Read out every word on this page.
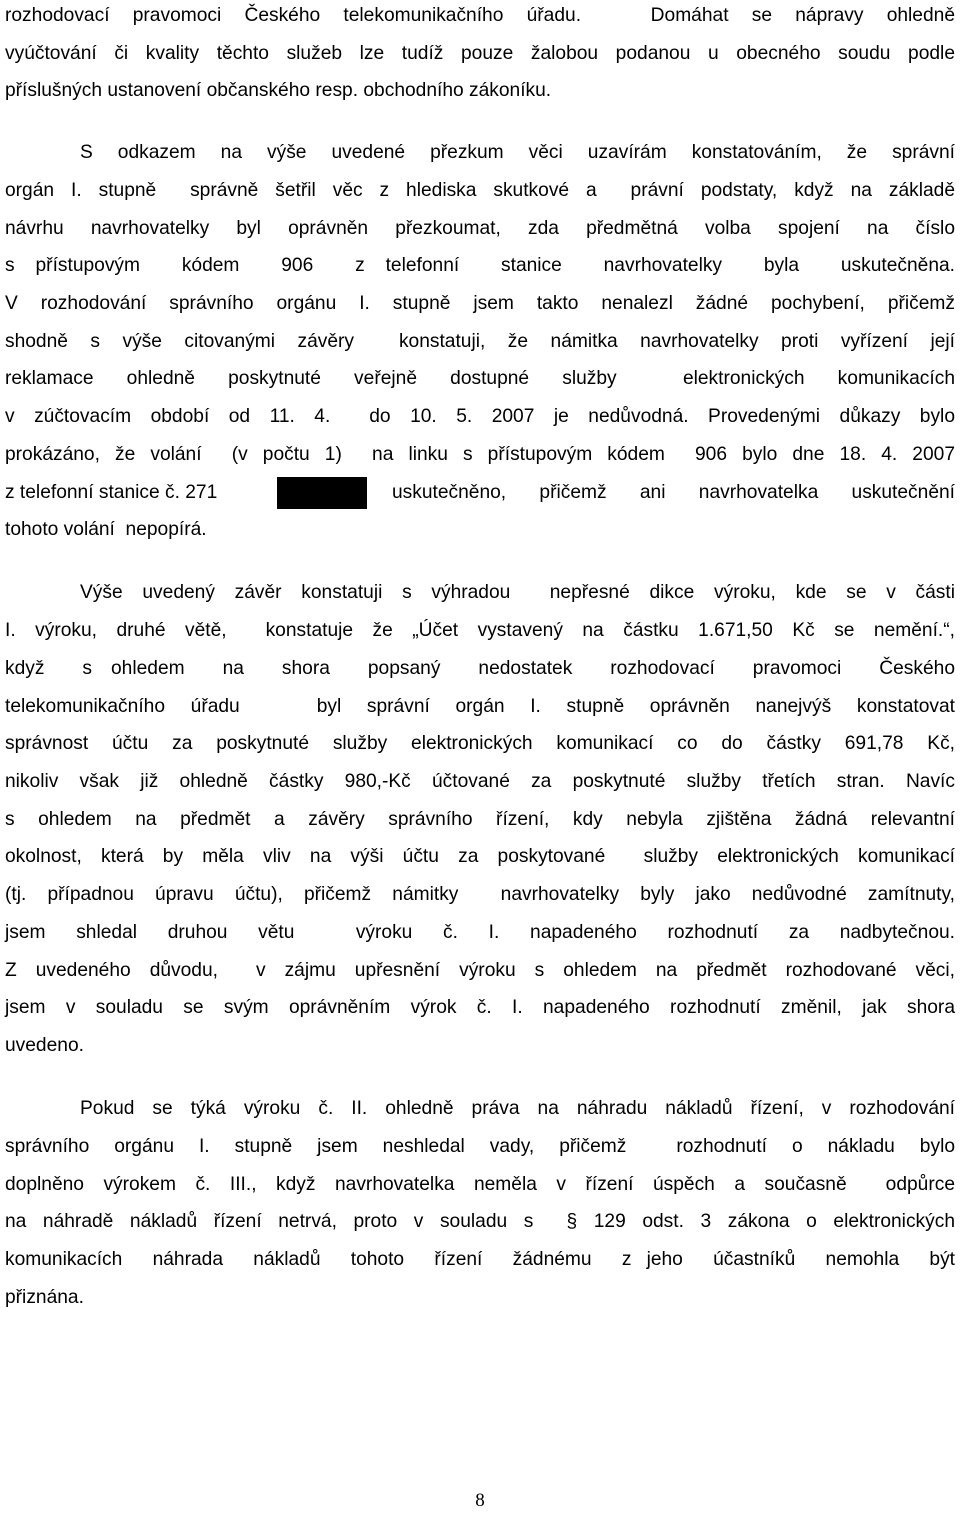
rozhodovací pravomoci Českého telekomunikačního úřadu.   Domáhat se nápravy ohledně

vyúčtování či kvality těchto služeb lze tudíž pouze žalobou podanou u obecného soudu podle

příslušných ustanovení občanského resp. obchodního zákoníku.

S odkazem na výše uvedené přezkum věci uzavírám konstatováním, že správní

orgán I. stupně  správně šetřil věc z hlediska skutkové a  právní podstaty, když na základě

návrhu navrhovatelky byl oprávněn přezkoumat, zda předmětná volba spojení na číslo

s přístupovým  kódem  906  z telefonní  stanice  navrhovatelky  byla  uskutečněna.

V rozhodování správního orgánu I. stupně jsem takto nenalezl žádné pochybení, přičemž

shodně s výše citovanými závěry  konstatuji, že námitka navrhovatelky proti vyřízení její

reklamace ohledně poskytnuté veřejně dostupné služby  elektronických komunikacích

v zúčtovacím období od 11. 4.  do 10. 5. 2007 je nedůvodná. Provedenými důkazy bylo

prokázáno, že volání  (v počtu 1)  na linku s přístupovým kódem  906 bylo dne 18. 4. 2007

z telefonní stanice č. 271	uskutečněno, přičemž ani navrhovatelka uskutečnění

tohoto volání  nepopírá.

Výše uvedený závěr konstatuji s výhradou  nepřesné dikce výroku, kde se v části

I. výroku, druhé větě,  konstatuje že „Účet vystavený na částku 1.671,50 Kč se nemění.“,

když  s ohledem  na  shora  popsaný  nedostatek  rozhodovací  pravomoci  Českého

telekomunikačního úřadu   byl správní orgán I. stupně oprávněn nanejvýš konstatovat

správnost účtu za poskytnuté služby elektronických komunikací co do částky 691,78 Kč,

nikoliv však již ohledně částky 980,-Kč účtované za poskytnuté služby třetích stran. Navíc

s ohledem na předmět a závěry správního řízení, kdy nebyla zjištěna žádná relevantní

okolnost, která by měla vliv na výši účtu za poskytované  služby elektronických komunikací

(tj. případnou úpravu účtu), přičemž námitky  navrhovatelky byly jako nedůvodné zamítnuty,

jsem  shledal  druhou  větu    výroku  č.  I.  napadeného  rozhodnutí  za  nadbytečnou.

Z uvedeného důvodu,  v zájmu upřesnění výroku s ohledem na předmět rozhodované věci,

jsem v souladu se svým oprávněním výrok č. I. napadeného rozhodnutí změnil, jak shora

uvedeno.

Pokud se týká výroku č. II. ohledně práva na náhradu nákladů řízení, v rozhodování

správního orgánu I. stupně jsem neshledal vady, přičemž  rozhodnutí o nákladu bylo

doplněno výrokem č. III., když navrhovatelka neměla v řízení úspěch a současně  odpůrce

na náhradě nákladů řízení netrvá, proto v souladu s  § 129 odst. 3 zákona o elektronických

komunikacích  náhrada  nákladů  tohoto  řízení  žádnému  z jeho  účastníků  nemohla  být

přiznána.

8
